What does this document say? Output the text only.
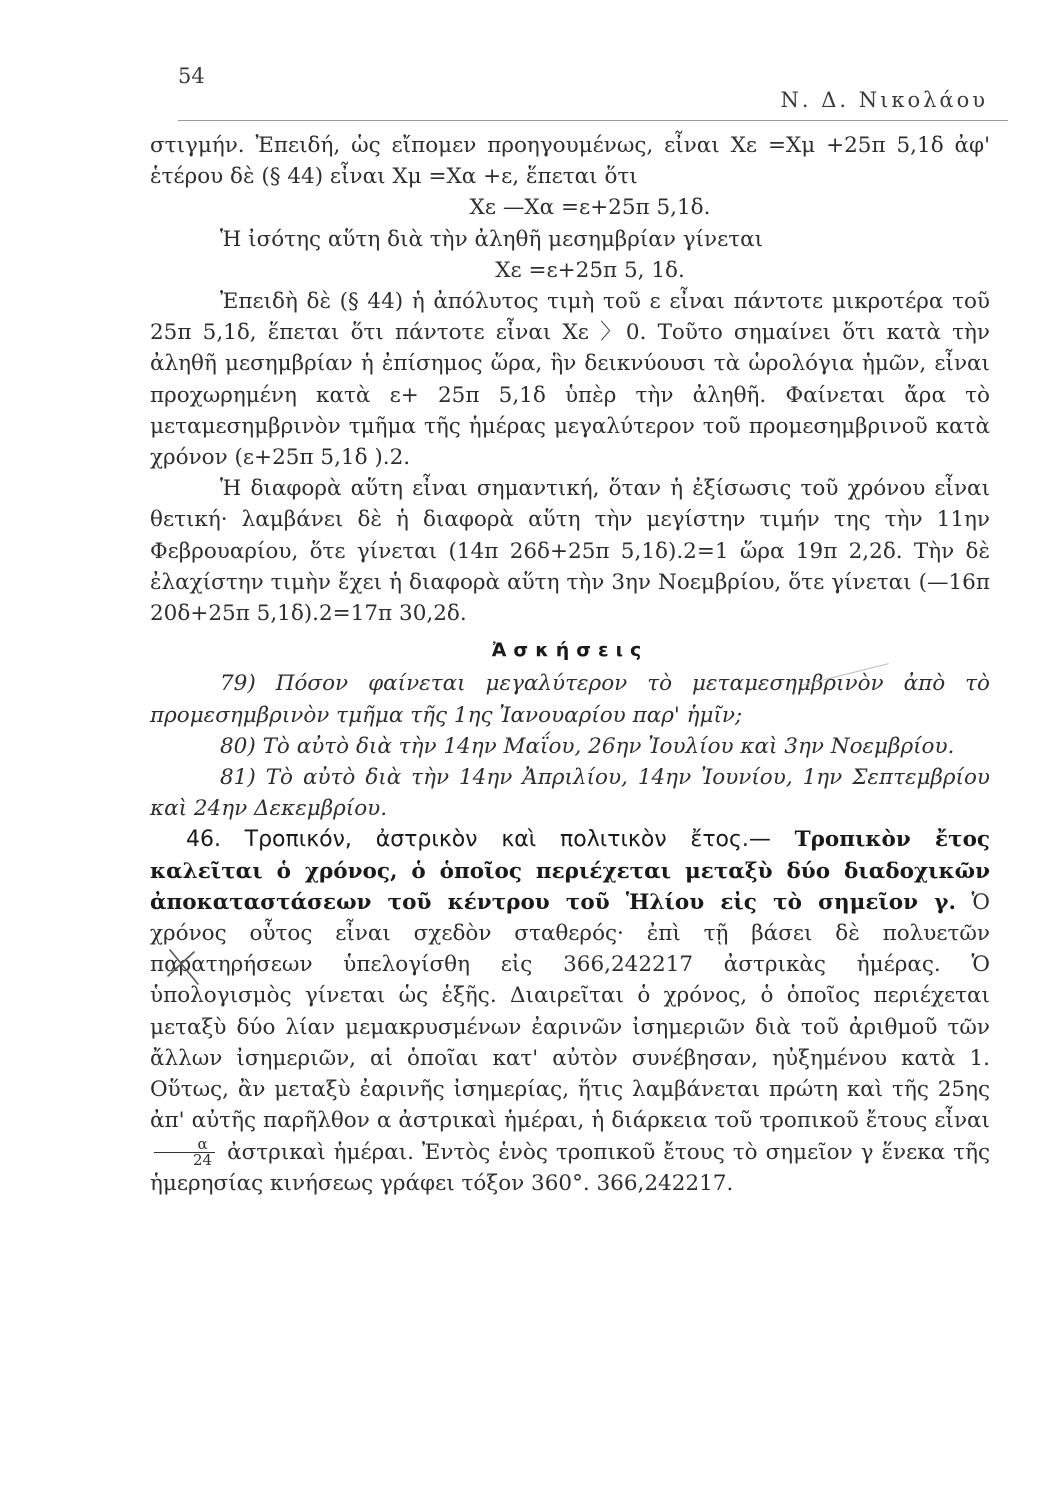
54
Ν. Δ. Νικολάου

στιγμήν. Ἐπειδή, ὡς εἴπομεν προηγουμένως, εἶναι Xε =Xμ +25π 5,1δ ἀφ' ἑτέρου δὲ (§ 44) εἶναι Xμ =Xα +ε, ἕπεται ὅτι

Xε —Xα =ε+25π 5,1δ.

Ἡ ἰσότης αὕτη διὰ τὴν ἀληθῆ μεσημβρίαν γίνεται

Xε =ε+25π 5, 1δ.

Ἐπειδὴ δὲ (§ 44) ἡ ἀπόλυτος τιμὴ τοῦ ε εἶναι πάντοτε μικροτέρα τοῦ 25π 5,1δ, ἕπεται ὅτι πάντοτε εἶναι Xε 〉0. Τοῦτο σημαίνει ὅτι κατὰ τὴν ἀληθῆ μεσημβρίαν ἡ ἐπίσημος ὥρα, ἣν δεικνύουσι τὰ ὡρολόγια ἡμῶν, εἶναι προχωρημένη κατὰ ε+ 25π 5,1δ ὑπὲρ τὴν ἀληθῆ. Φαίνεται ἄρα τὸ μεταμεσημβρινὸν τμῆμα τῆς ἡμέρας μεγαλύτερον τοῦ προμεσημβρινοῦ κατὰ χρόνον (ε+25π 5,1δ ).2.

Ἡ διαφορὰ αὕτη εἶναι σημαντική, ὅταν ἡ ἐξίσωσις τοῦ χρόνου εἶναι θετική· λαμβάνει δὲ ἡ διαφορὰ αὕτη τὴν μεγίστην τιμήν της τὴν 11ην Φεβρουαρίου, ὅτε γίνεται (14π 26δ+25π 5,1δ).2=1 ὥρα 19π 2,2δ. Τὴν δὲ ἐλαχίστην τιμὴν ἔχει ἡ διαφορὰ αὕτη τὴν 3ην Νοεμβρίου, ὅτε γίνεται (—16π 20δ+25π 5,1δ).2=17π 30,2δ.

Ἀσκήσεις

79) Πόσον φαίνεται μεγαλύτερον τὸ μεταμεσημβρινὸν ἀπὸ τὸ προμεσημβρινὸν τμῆμα τῆς 1ης Ἰανουαρίου παρ' ἡμῖν;

80) Τὸ αὐτὸ διὰ τὴν 14ην Μαΐου, 26ην Ἰουλίου καὶ 3ην Νοεμβρίου.

81) Τὸ αὐτὸ διὰ τὴν 14ην Ἀπριλίου, 14ην Ἰουνίου, 1ην Σεπτεμβρίου καὶ 24ην Δεκεμβρίου.

46. Τροπικόν, ἀστρικὸν καὶ πολιτικὸν ἔτος.— Τροπικὸν ἔτος καλεῖται ὁ χρόνος, ὁ ὁποῖος περιέχεται μεταξὺ δύο διαδοχικῶν ἀποκαταστάσεων τοῦ κέντρου τοῦ Ἡλίου εἰς τὸ σημεῖον γ. Ὁ χρόνος οὗτος εἶναι σχεδὸν σταθερός· ἐπὶ τῇ βάσει δὲ πολυετῶν παρατηρήσεων ὑπελογίσθη εἰς 366,242217 ἀστρικὰς ἡμέρας. Ὁ ὑπολογισμὸς γίνεται ὡς ἑξῆς. Διαιρεῖται ὁ χρόνος, ὁ ὁποῖος περιέχεται μεταξὺ δύο λίαν μεμακρυσμένων ἐαρινῶν ἰσημεριῶν διὰ τοῦ ἀριθμοῦ τῶν ἄλλων ἰσημεριῶν, αἱ ὁποῖαι κατ' αὐτὸν συνέβησαν, ηὐξημένου κατὰ 1. Οὕτως, ἂν μεταξὺ ἐαρινῆς ἰσημερίας, ἥτις λαμβάνεται πρώτη καὶ τῆς 25ης ἀπ' αὐτῆς παρῆλθον α ἀστρικαὶ ἡμέραι, ἡ διάρκεια τοῦ τροπικοῦ ἔτους εἶναι
$\frac{\alpha}{24}$ ἀστρικαὶ ἡμέραι. Ἐντὸς ἑνὸς τροπικοῦ ἔτους τὸ σημεῖον γ ἕνεκα τῆς ἡμερησίας κινήσεως γράφει τόξον 360°. 366,242217.
